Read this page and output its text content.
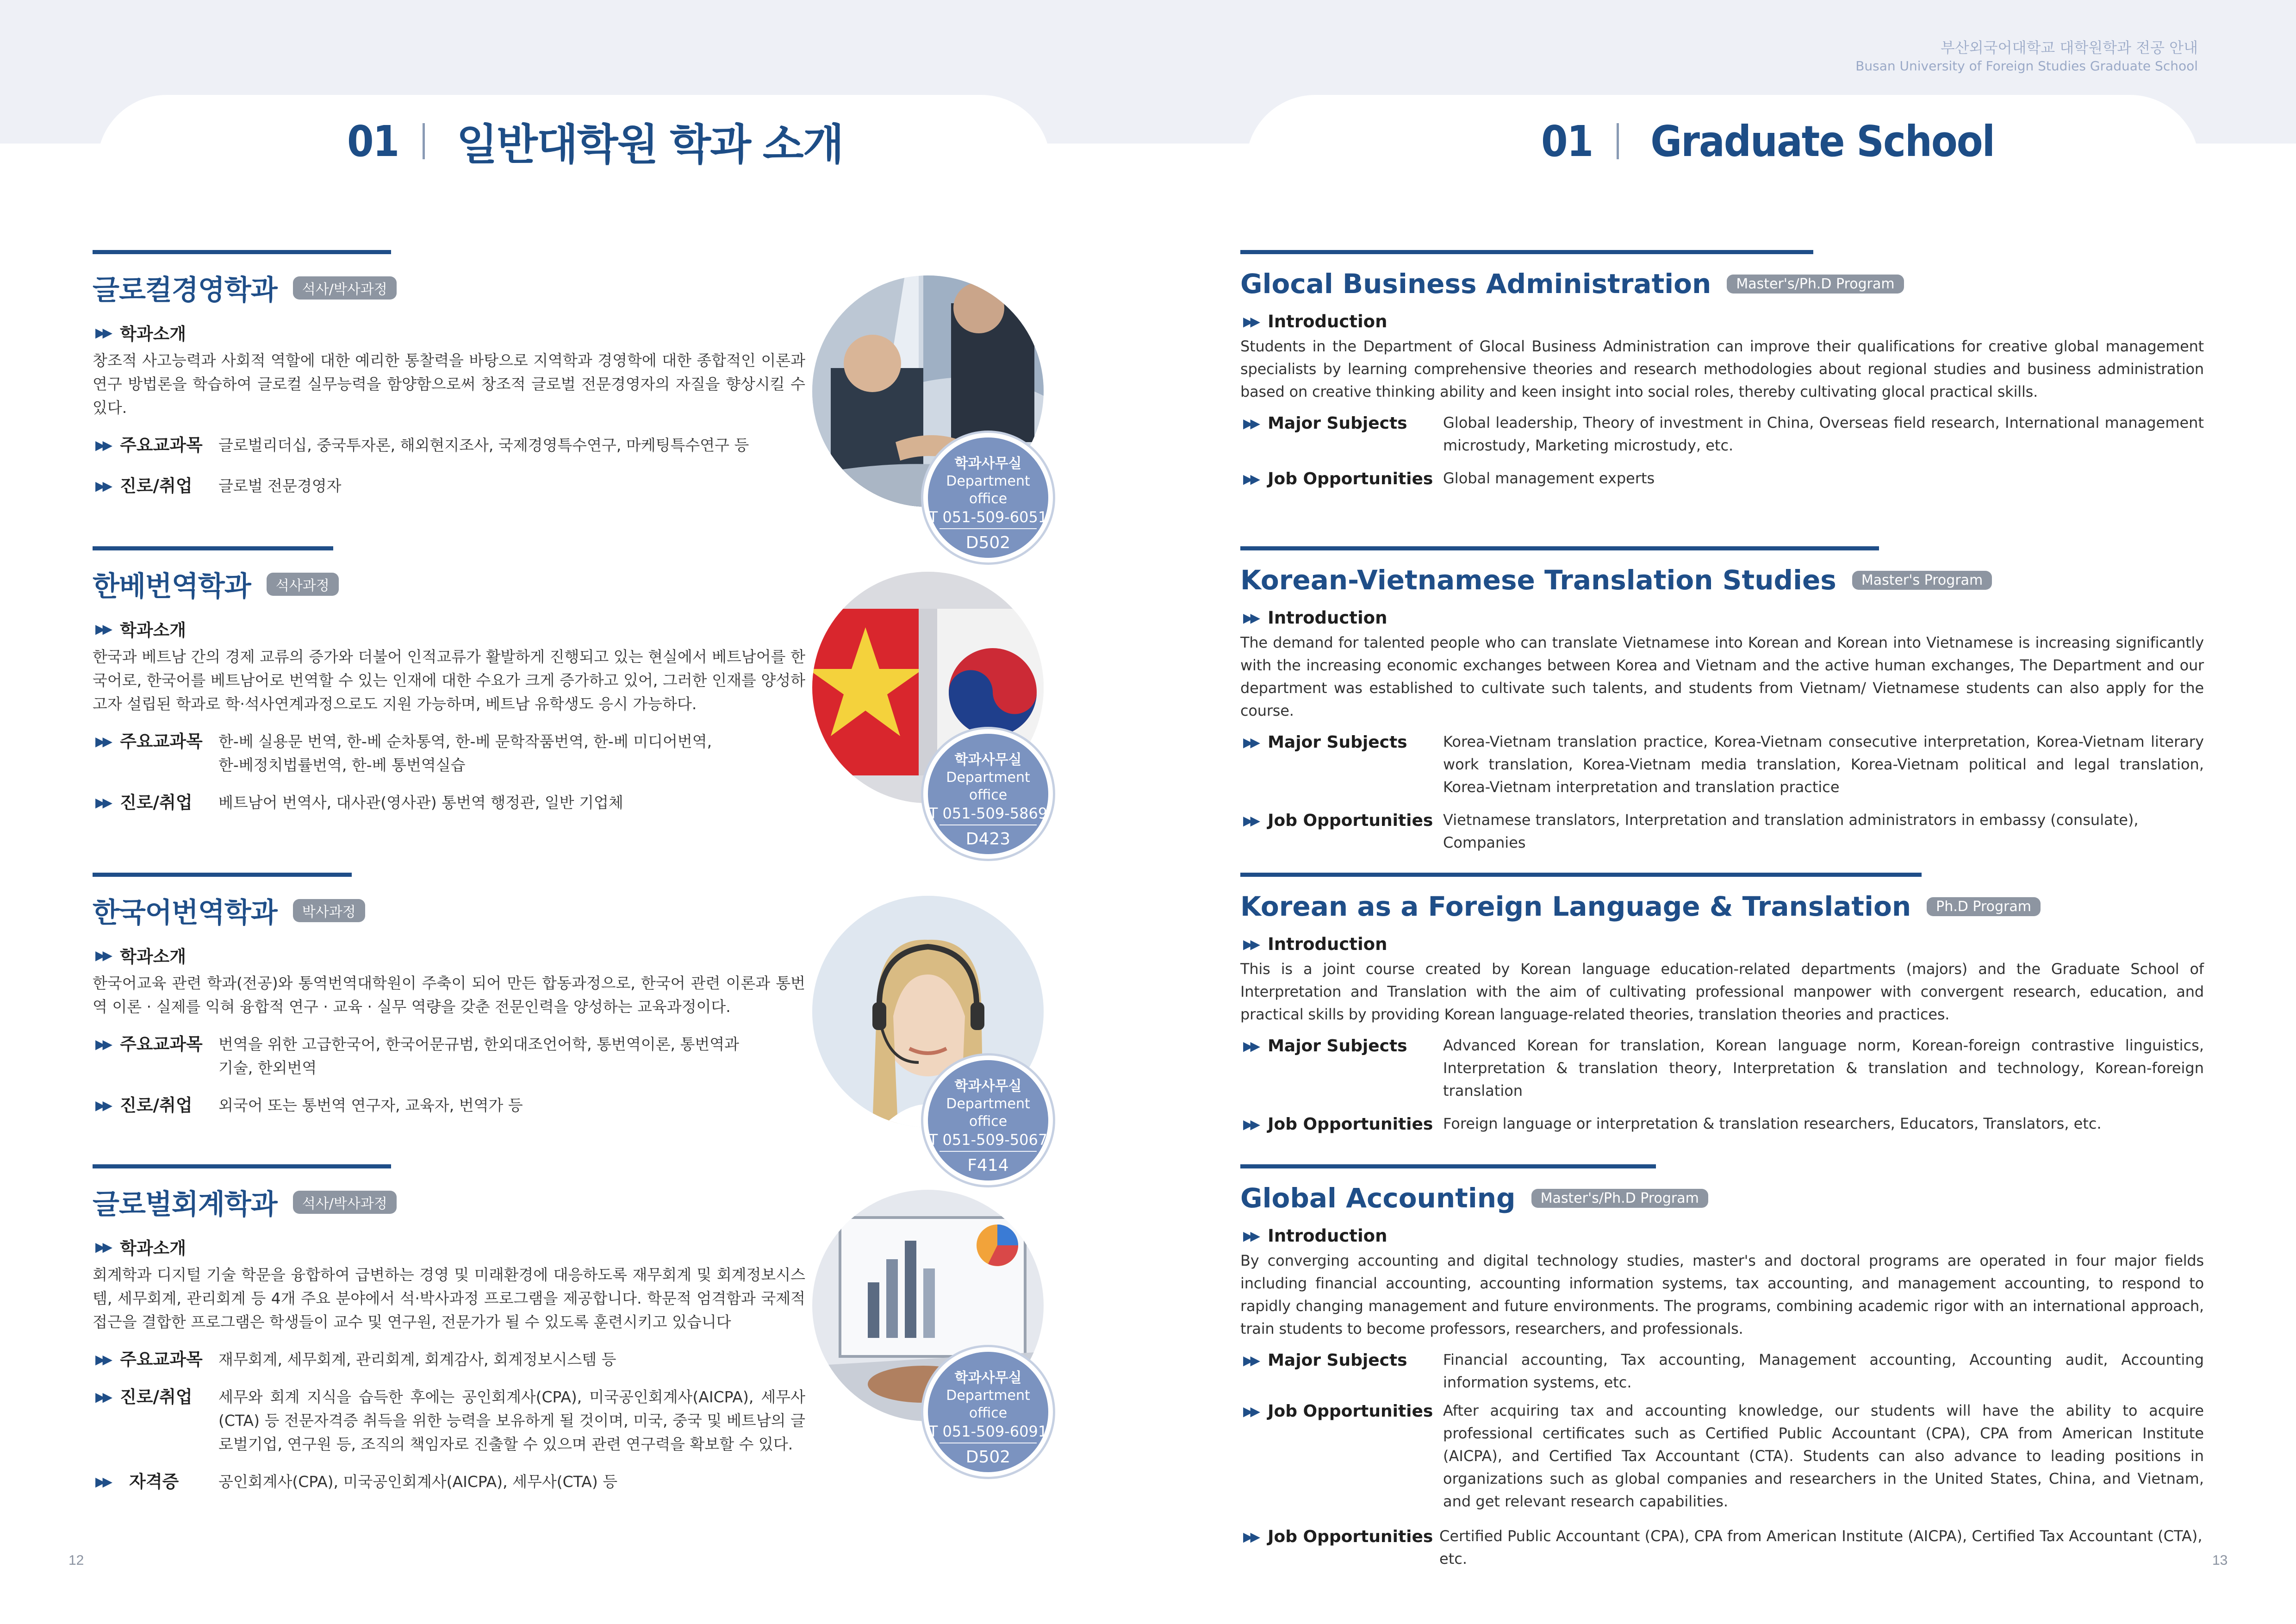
부산외국어대학교 대학원학과 전공 안내
Busan University of Foreign Studies Graduate School
01 일반대학원 학과 소개	01 Graduate School
글로컬경영학과	석사/박사과정
▶▶ 학과소개
창조적 사고능력과 사회적 역할에 대한 예리한 통찰력을 바탕으로 지역학과 경영학에 대한 종합적인 이론과 연구 방법론을 학습하여 글로컬 실무능력을 함양함으로써 창조적 글로벌 전문경영자의 자질을 향상시킬 수 있다.
▶▶ 주요교과목 글로벌리더십, 중국투자론, 해외현지조사, 국제경영특수연구, 마케팅특수연구 등
▶▶ 진로/취업 글로벌 전문경영자
한베번역학과	석사과정
▶▶ 학과소개
한국과 베트남 간의 경제 교류의 증가와 더불어 인적교류가 활발하게 진행되고 있는 현실에서 베트남어를 한국어로, 한국어를 베트남어로 번역할 수 있는 인재에 대한 수요가 크게 증가하고 있어, 그러한 인재를 양성하고자 설립된 학과로 학·석사연계과정으로도 지원 가능하며, 베트남 유학생도 응시 가능하다.
▶▶ 주요교과목 한-베 실용문 번역, 한-베 순차통역, 한-베 문학작품번역, 한-베 미디어번역, 한-베정치법률번역, 한-베 통번역실습
▶▶ 진로/취업 베트남어 번역사, 대사관(영사관) 통번역 행정관, 일반 기업체
한국어번역학과	박사과정
▶▶ 학과소개
한국어교육 관련 학과(전공)와 통역번역대학원이 주축이 되어 만든 합동과정으로, 한국어 관련 이론과 통번역 이론 · 실제를 익혀 융합적 연구 · 교육 · 실무 역량을 갖춘 전문인력을 양성하는 교육과정이다.
▶▶ 주요교과목 번역을 위한 고급한국어, 한국어문규범, 한외대조언어학, 통번역이론, 통번역과기술, 한외번역
▶▶ 진로/취업 외국어 또는 통번역 연구자, 교육자, 번역가 등
글로벌회계학과	석사/박사과정
▶▶ 학과소개
회계학과 디지털 기술 학문을 융합하여 급변하는 경영 및 미래환경에 대응하도록 재무회계 및 회계정보시스템, 세무회계, 관리회계 등 4개 주요 분야에서 석·박사과정 프로그램을 제공합니다. 학문적 엄격함과 국제적 접근을 결합한 프로그램은 학생들이 교수 및 연구원, 전문가가 될 수 있도록 훈련시키고 있습니다
▶▶ 주요교과목 재무회계, 세무회계, 관리회계, 회계감사, 회계정보시스템 등
▶▶ 진로/취업 세무와 회계 지식을 습득한 후에는 공인회계사(CPA), 미국공인회계사(AICPA), 세무사(CTA) 등 전문자격증 취득을 위한 능력을 보유하게 될 것이며, 미국, 중국 및 베트남의 글로벌기업, 연구원 등, 조직의 책임자로 진출할 수 있으며 관련 연구력을 확보할 수 있다.
▶▶ 자격증	공인회계사(CPA), 미국공인회계사(AICPA), 세무사(CTA) 등
학과사무실
Department office
T 051-509-6051
D502
학과사무실
Department office
T 051-509-5869
D423
학과사무실
Department office
T 051-509-5067
F414
학과사무실
Department office
T 051-509-6091
D502
Glocal Business Administration	Master's/Ph.D Program
▶▶ Introduction
Students in the Department of Glocal Business Administration can improve their qualifications for creative global management specialists by learning comprehensive theories and research methodologies about regional studies and business administration based on creative thinking ability and keen insight into social roles, thereby cultivating glocal practical skills.
▶▶ Major Subjects Global leadership, Theory of investment in China, Overseas field research, International management microstudy, Marketing microstudy, etc.
▶▶ Job Opportunities Global management experts
Korean-Vietnamese Translation Studies	Master's Program
▶▶ Introduction
The demand for talented people who can translate Vietnamese into Korean and Korean into Vietnamese is increasing significantly with the increasing economic exchanges between Korea and Vietnam and the active human exchanges, The Department and our department was established to cultivate such talents, and students from Vietnam/ Vietnamese students can also apply for the course.
▶▶ Major Subjects Korea-Vietnam translation practice, Korea-Vietnam consecutive interpretation, Korea-Vietnam literary work translation, Korea-Vietnam media translation, Korea-Vietnam political and legal translation, Korea-Vietnam interpretation and translation practice
▶▶ Job Opportunities Vietnamese translators, Interpretation and translation administrators in embassy (consulate), Companies
Korean as a Foreign Language & Translation	Ph.D Program
▶▶ Introduction
This is a joint course created by Korean language education-related departments (majors) and the Graduate School of Interpretation and Translation with the aim of cultivating professional manpower with convergent research, education, and practical skills by providing Korean language-related theories, translation theories and practices.
▶▶ Major Subjects Advanced Korean for translation, Korean language norm, Korean-foreign contrastive linguistics, Interpretation & translation theory, Interpretation & translation and technology, Korean-foreign translation
▶▶ Job Opportunities Foreign language or interpretation & translation researchers, Educators, Translators, etc.
Global Accounting	Master's/Ph.D Program
▶▶ Introduction
By converging accounting and digital technology studies, master's and doctoral programs are operated in four major fields including financial accounting, accounting information systems, tax accounting, and management accounting, to respond to rapidly changing management and future environments. The programs, combining academic rigor with an international approach, train students to become professors, researchers, and professionals.
▶▶ Major Subjects Financial accounting, Tax accounting, Management accounting, Accounting audit, Accounting information systems, etc.
▶▶ Job Opportunities After acquiring tax and accounting knowledge, our students will have the ability to acquire professional certificates such as Certified Public Accountant (CPA), CPA from American Institute (AICPA), and Certified Tax Accountant (CTA). Students can also advance to leading positions in organizations such as global companies and researchers in the United States, China, and Vietnam, and get relevant research capabilities.
▶▶ Job Opportunities Certified Public Accountant (CPA), CPA from American Institute (AICPA), Certified Tax Accountant (CTA), etc.
12	13
